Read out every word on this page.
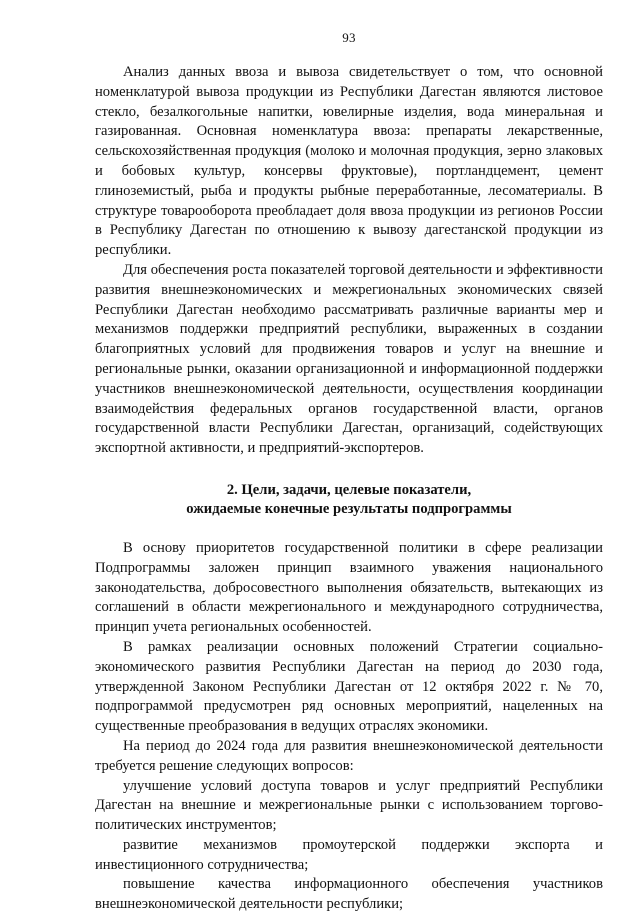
93

Анализ данных ввоза и вывоза свидетельствует о том, что основной номенклатурой вывоза продукции из Республики Дагестан являются листовое стекло, безалкогольные напитки, ювелирные изделия, вода минеральная и газированная. Основная номенклатура ввоза: препараты лекарственные, сельскохозяйственная продукция (молоко и молочная продукция, зерно злаковых и бобовых культур, консервы фруктовые), портландцемент, цемент глиноземистый, рыба и продукты рыбные переработанные, лесоматериалы. В структуре товарооборота преобладает доля ввоза продукции из регионов России в Республику Дагестан по отношению к вывозу дагестанской продукции из республики.

Для обеспечения роста показателей торговой деятельности и эффективности развития внешнеэкономических и межрегиональных экономических связей Республики Дагестан необходимо рассматривать различные варианты мер и механизмов поддержки предприятий республики, выраженных в создании благоприятных условий для продвижения товаров и услуг на внешние и региональные рынки, оказании организационной и информационной поддержки участников внешнеэкономической деятельности, осуществления координации взаимодействия федеральных органов государственной власти, органов государственной власти Республики Дагестан, организаций, содействующих экспортной активности, и предприятий-экспортеров.

2. Цели, задачи, целевые показатели,
ожидаемые конечные результаты подпрограммы

В основу приоритетов государственной политики в сфере реализации Подпрограммы заложен принцип взаимного уважения национального законодательства, добросовестного выполнения обязательств, вытекающих из соглашений в области межрегионального и международного сотрудничества, принцип учета региональных особенностей.

В рамках реализации основных положений Стратегии социально-экономического развития Республики Дагестан на период до 2030 года, утвержденной Законом Республики Дагестан от 12 октября 2022 г. № 70, подпрограммой предусмотрен ряд основных мероприятий, нацеленных на существенные преобразования в ведущих отраслях экономики.

На период до 2024 года для развития внешнеэкономической деятельности требуется решение следующих вопросов:

улучшение условий доступа товаров и услуг предприятий Республики Дагестан на внешние и межрегиональные рынки с использованием торгово-политических инструментов;

развитие механизмов промоутерской поддержки экспорта и инвестиционного сотрудничества;

повышение качества информационного обеспечения участников внешнеэкономической деятельности республики;
